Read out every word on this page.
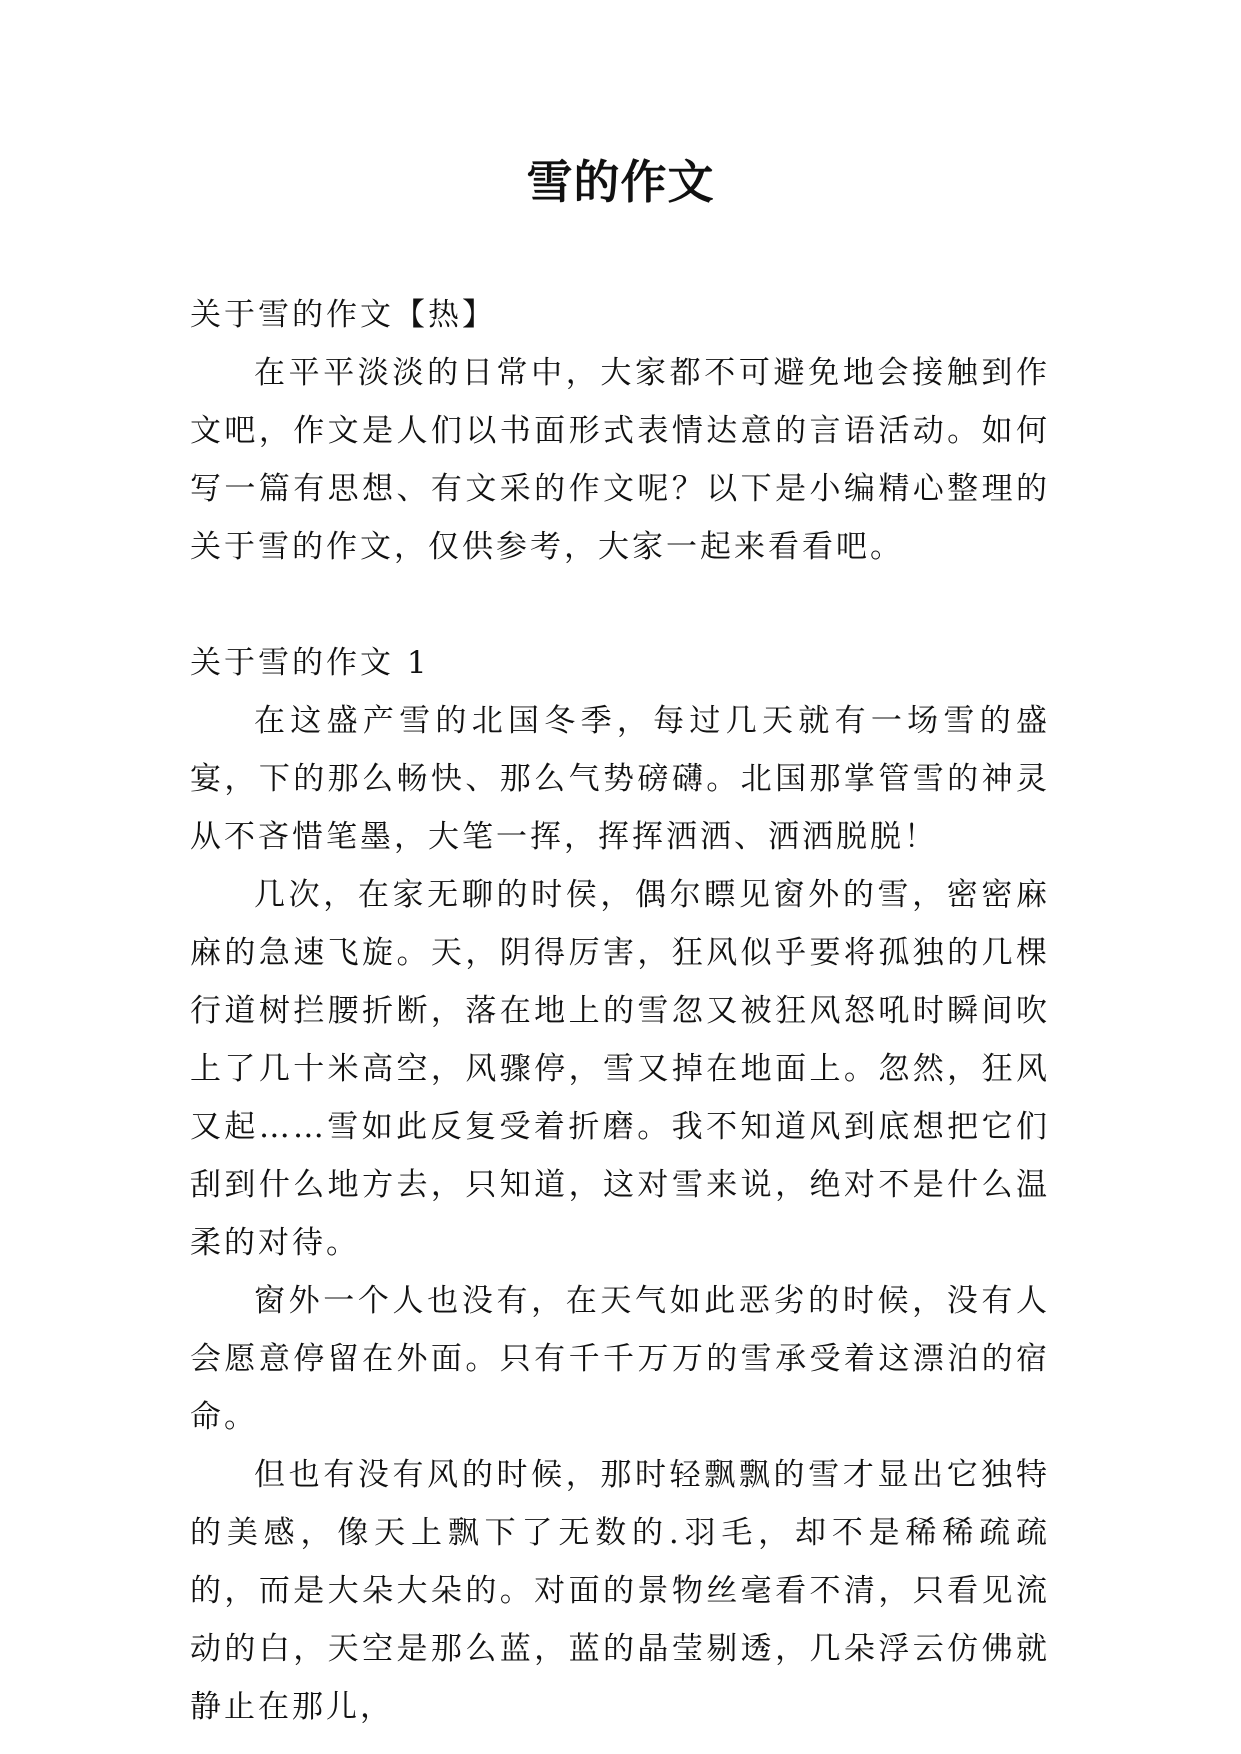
雪的作文
关于雪的作文【热】

在平平淡淡的日常中，大家都不可避免地会接触到作文吧，作文是人们以书面形式表情达意的言语活动。如何写一篇有思想、有文采的作文呢？以下是小编精心整理的关于雪的作文，仅供参考，大家一起来看看吧。

关于雪的作文 1

在这盛产雪的北国冬季，每过几天就有一场雪的盛宴，下的那么畅快、那么气势磅礴。北国那掌管雪的神灵从不吝惜笔墨，大笔一挥，挥挥洒洒、洒洒脱脱！

几次，在家无聊的时侯，偶尔瞟见窗外的雪，密密麻麻的急速飞旋。天，阴得厉害，狂风似乎要将孤独的几棵行道树拦腰折断，落在地上的雪忽又被狂风怒吼时瞬间吹上了几十米高空，风骤停，雪又掉在地面上。忽然，狂风又起……雪如此反复受着折磨。我不知道风到底想把它们刮到什么地方去，只知道，这对雪来说，绝对不是什么温柔的对待。

窗外一个人也没有，在天气如此恶劣的时候，没有人会愿意停留在外面。只有千千万万的雪承受着这漂泊的宿命。

但也有没有风的时候，那时轻飘飘的雪才显出它独特的美感，像天上飘下了无数的.羽毛，却不是稀稀疏疏的，而是大朵大朵的。对面的景物丝毫看不清，只看见流动的白，天空是那么蓝，蓝的晶莹剔透，几朵浮云仿佛就静止在那儿，
